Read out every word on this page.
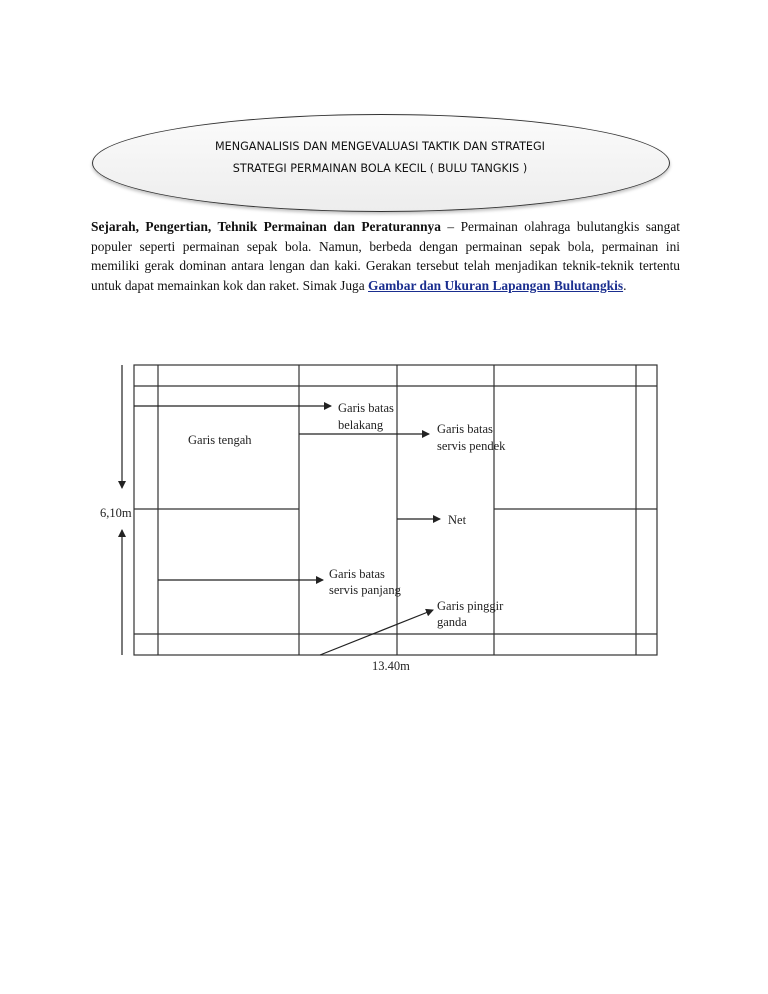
MENGANALISIS DAN MENGEVALUASI TAKTIK DAN STRATEGI
STRATEGI PERMAINAN BOLA KECIL ( BULU TANGKIS )
Sejarah, Pengertian, Tehnik Permainan dan Peraturannya – Permainan olahraga bulutangkis sangat populer seperti permainan sepak bola. Namun, berbeda dengan permainan sepak bola, permainan ini memiliki gerak dominan antara lengan dan kaki. Gerakan tersebut telah menjadikan teknik-teknik tertentu untuk dapat memainkan kok dan raket. Simak Juga Gambar dan Ukuran Lapangan Bulutangkis.
Garis tengah
Garis batas
belakang	Garis batas
servis pendek
Net
Garis batas
servis panjang
Garis pinggir
ganda
6,10m
13.40m
